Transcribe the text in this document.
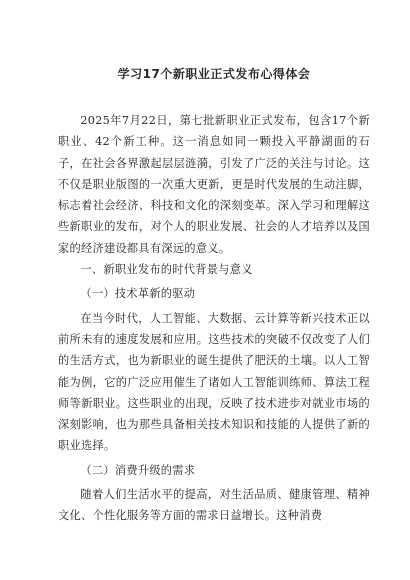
学习17个新职业正式发布心得体会

2025年7月22日，第七批新职业正式发布，包含17个新职业、42个新工种。这一消息如同一颗投入平静湖面的石子，在社会各界激起层层涟漪，引发了广泛的关注与讨论。这不仅是职业版图的一次重大更新，更是时代发展的生动注脚，标志着社会经济、科技和文化的深刻变革。深入学习和理解这些新职业的发布，对个人的职业发展、社会的人才培养以及国家的经济建设都具有深远的意义。

一、新职业发布的时代背景与意义

（一）技术革新的驱动

在当今时代，人工智能、大数据、云计算等新兴技术正以前所未有的速度发展和应用。这些技术的突破不仅改变了人们的生活方式，也为新职业的诞生提供了肥沃的土壤。以人工智能为例，它的广泛应用催生了诸如人工智能训练师、算法工程师等新职业。这些职业的出现，反映了技术进步对就业市场的深刻影响，也为那些具备相关技术知识和技能的人提供了新的职业选择。

（二）消费升级的需求

随着人们生活水平的提高，对生活品质、健康管理、精神文化、个性化服务等方面的需求日益增长。这种消费
